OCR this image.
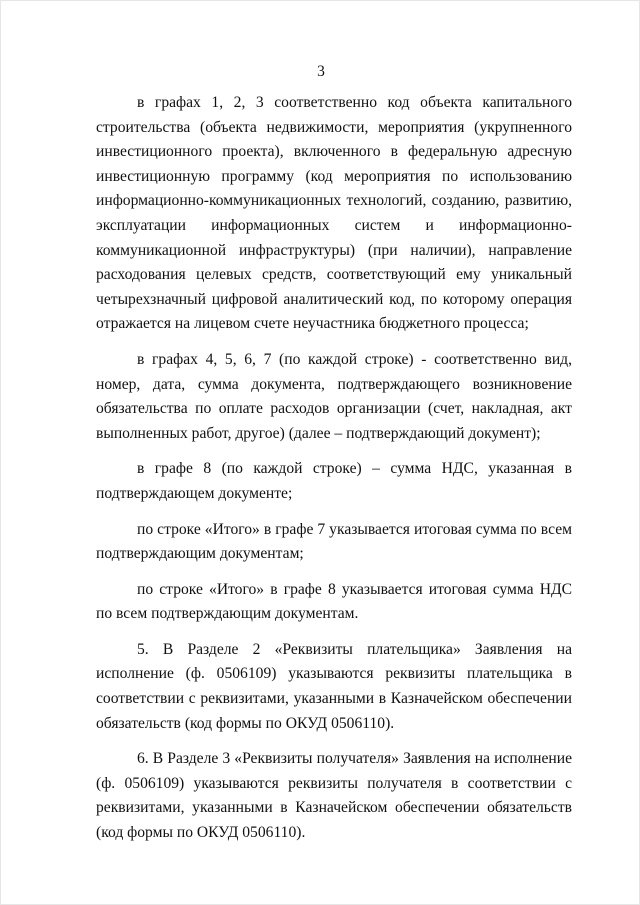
3

в графах 1, 2, 3 соответственно код объекта капитального строительства (объекта недвижимости, мероприятия (укрупненного инвестиционного проекта), включенного в федеральную адресную инвестиционную программу (код мероприятия по использованию информационно-коммуникационных технологий, созданию, развитию, эксплуатации информационных систем и информационно-коммуникационной инфраструктуры) (при наличии), направление расходования целевых средств, соответствующий ему уникальный четырехзначный цифровой аналитический код, по которому операция отражается на лицевом счете неучастника бюджетного процесса;

в графах 4, 5, 6, 7 (по каждой строке) - соответственно вид, номер, дата, сумма документа, подтверждающего возникновение обязательства по оплате расходов организации (счет, накладная, акт выполненных работ, другое) (далее – подтверждающий документ);

в графе 8 (по каждой строке) – сумма НДС, указанная в подтверждающем документе;

по строке «Итого» в графе 7 указывается итоговая сумма по всем подтверждающим документам;

по строке «Итого» в графе 8 указывается итоговая сумма НДС по всем подтверждающим документам.

5. В Разделе 2 «Реквизиты плательщика» Заявления на исполнение (ф. 0506109) указываются реквизиты плательщика в соответствии с реквизитами, указанными в Казначейском обеспечении обязательств (код формы по ОКУД 0506110).

6. В Разделе 3 «Реквизиты получателя» Заявления на исполнение (ф. 0506109) указываются реквизиты получателя в соответствии с реквизитами, указанными в Казначейском обеспечении обязательств (код формы по ОКУД 0506110).
